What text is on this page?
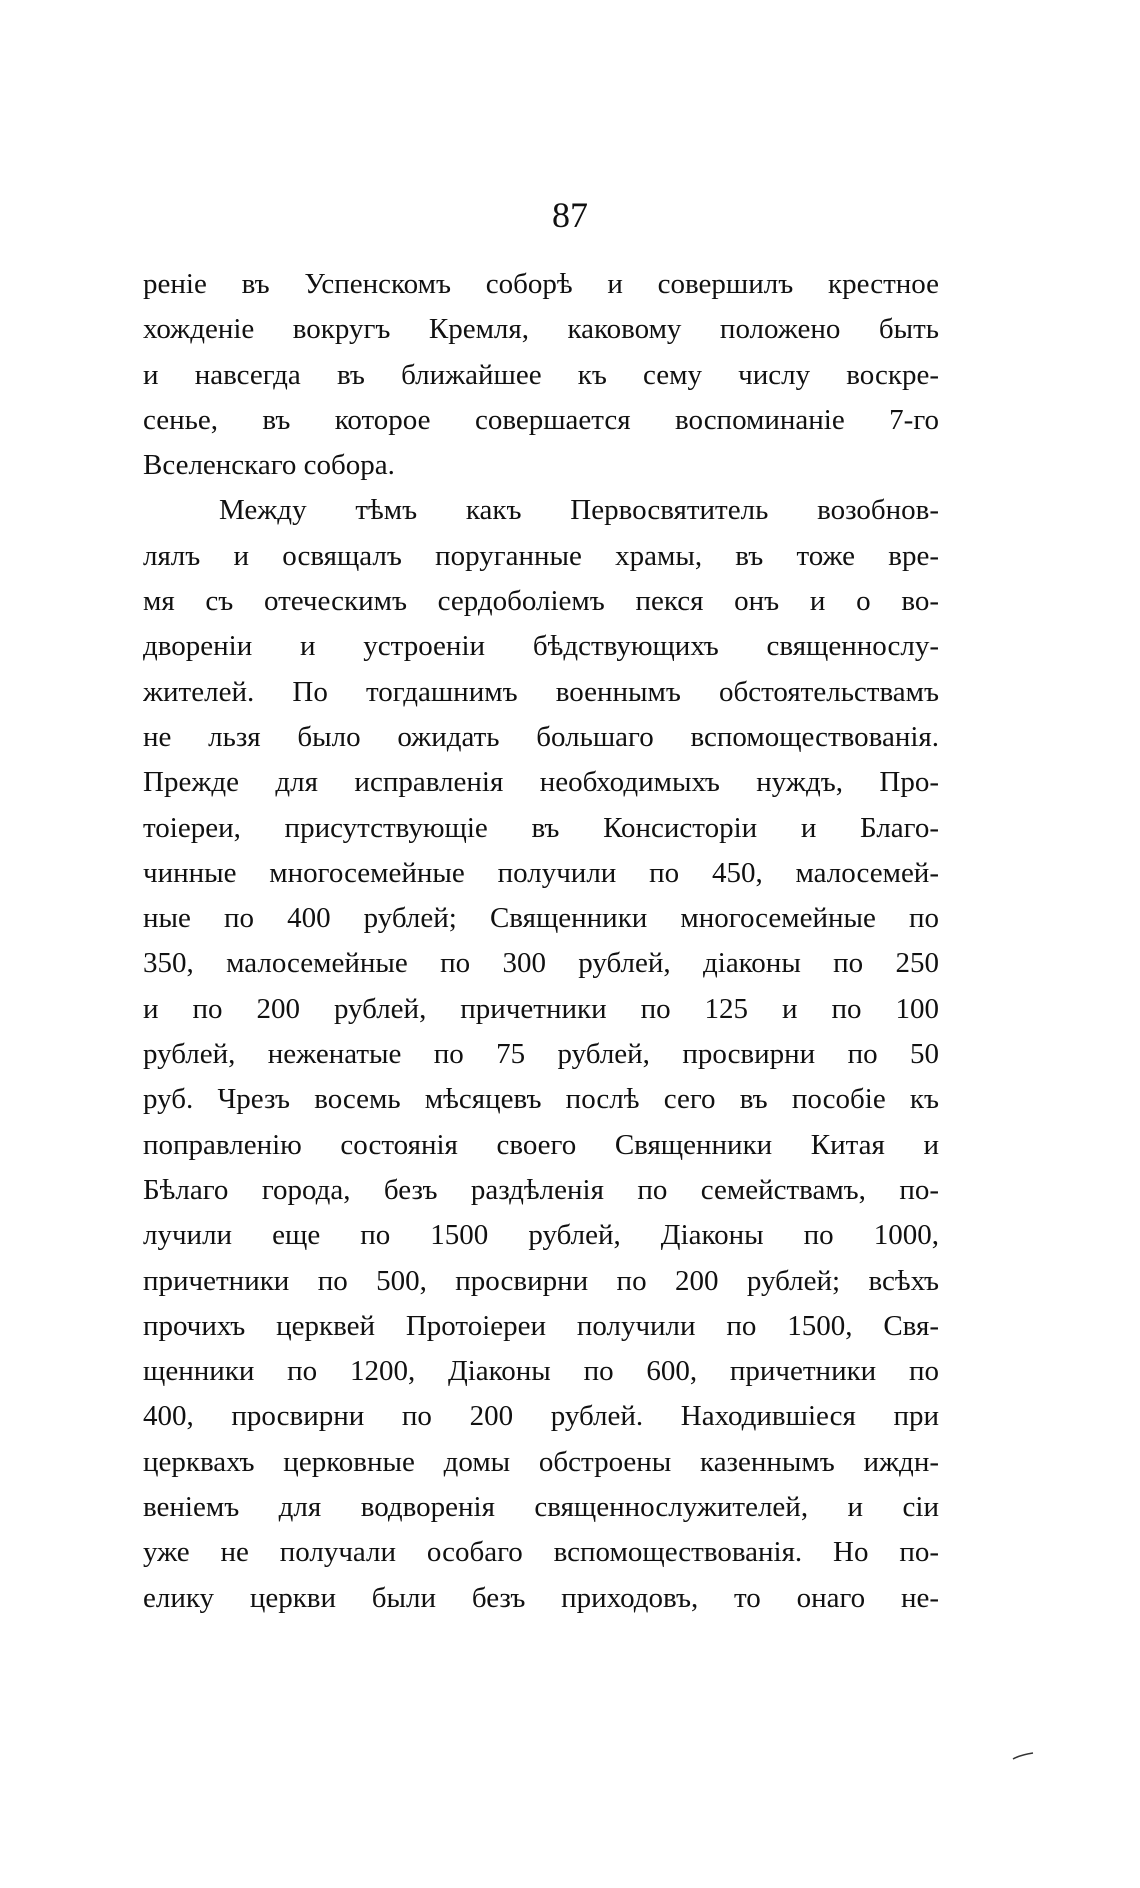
87
реніе въ Успенскомъ соборѣ и совершилъ крестное
хожденіе вокругъ Кремля, каковому положено быть
и навсегда въ ближайшее къ сему числу воскре-
сенье, въ которое совершается воспоминаніе 7-го
Вселенскаго собора.
Между тѣмъ какъ Первосвятитель возобнов-
лялъ и освящалъ поруганные храмы, въ тоже вре-
мя съ отеческимъ сердоболіемъ пекся онъ и о во-
двореніи и устроеніи бѣдствующихъ священнослу-
жителей. По тогдашнимъ военнымъ обстоятельствамъ
не льзя было ожидать большаго вспомоществованія.
Прежде для исправленія необходимыхъ нуждъ, Про-
тоіереи, присутствующіе въ Консисторіи и Благо-
чинные многосемейные получили по 450, малосемей-
ные по 400 рублей; Священники многосемейные по
350, малосемейные по 300 рублей, діаконы по 250
и по 200 рублей, причетники по 125 и по 100
рублей, неженатые по 75 рублей, просвирни по 50
руб. Чрезъ восемь мѣсяцевъ послѣ сего въ пособіе къ
поправленію состоянія своего Священники Китая и
Бѣлаго города, безъ раздѣленія по семействамъ, по-
лучили еще по 1500 рублей, Діаконы по 1000,
причетники по 500, просвирни по 200 рублей; всѣхъ
прочихъ церквей Протоіереи получили по 1500, Свя-
щенники по 1200, Діаконы по 600, причетники по
400, просвирни по 200 рублей. Находившіеся при
церквахъ церковные домы обстроены казеннымъ иждн-
веніемъ для водворенія священнослужителей, и сіи
уже не получали особаго вспомоществованія. Но по-
елику церкви были безъ приходовъ, то онаго не-
